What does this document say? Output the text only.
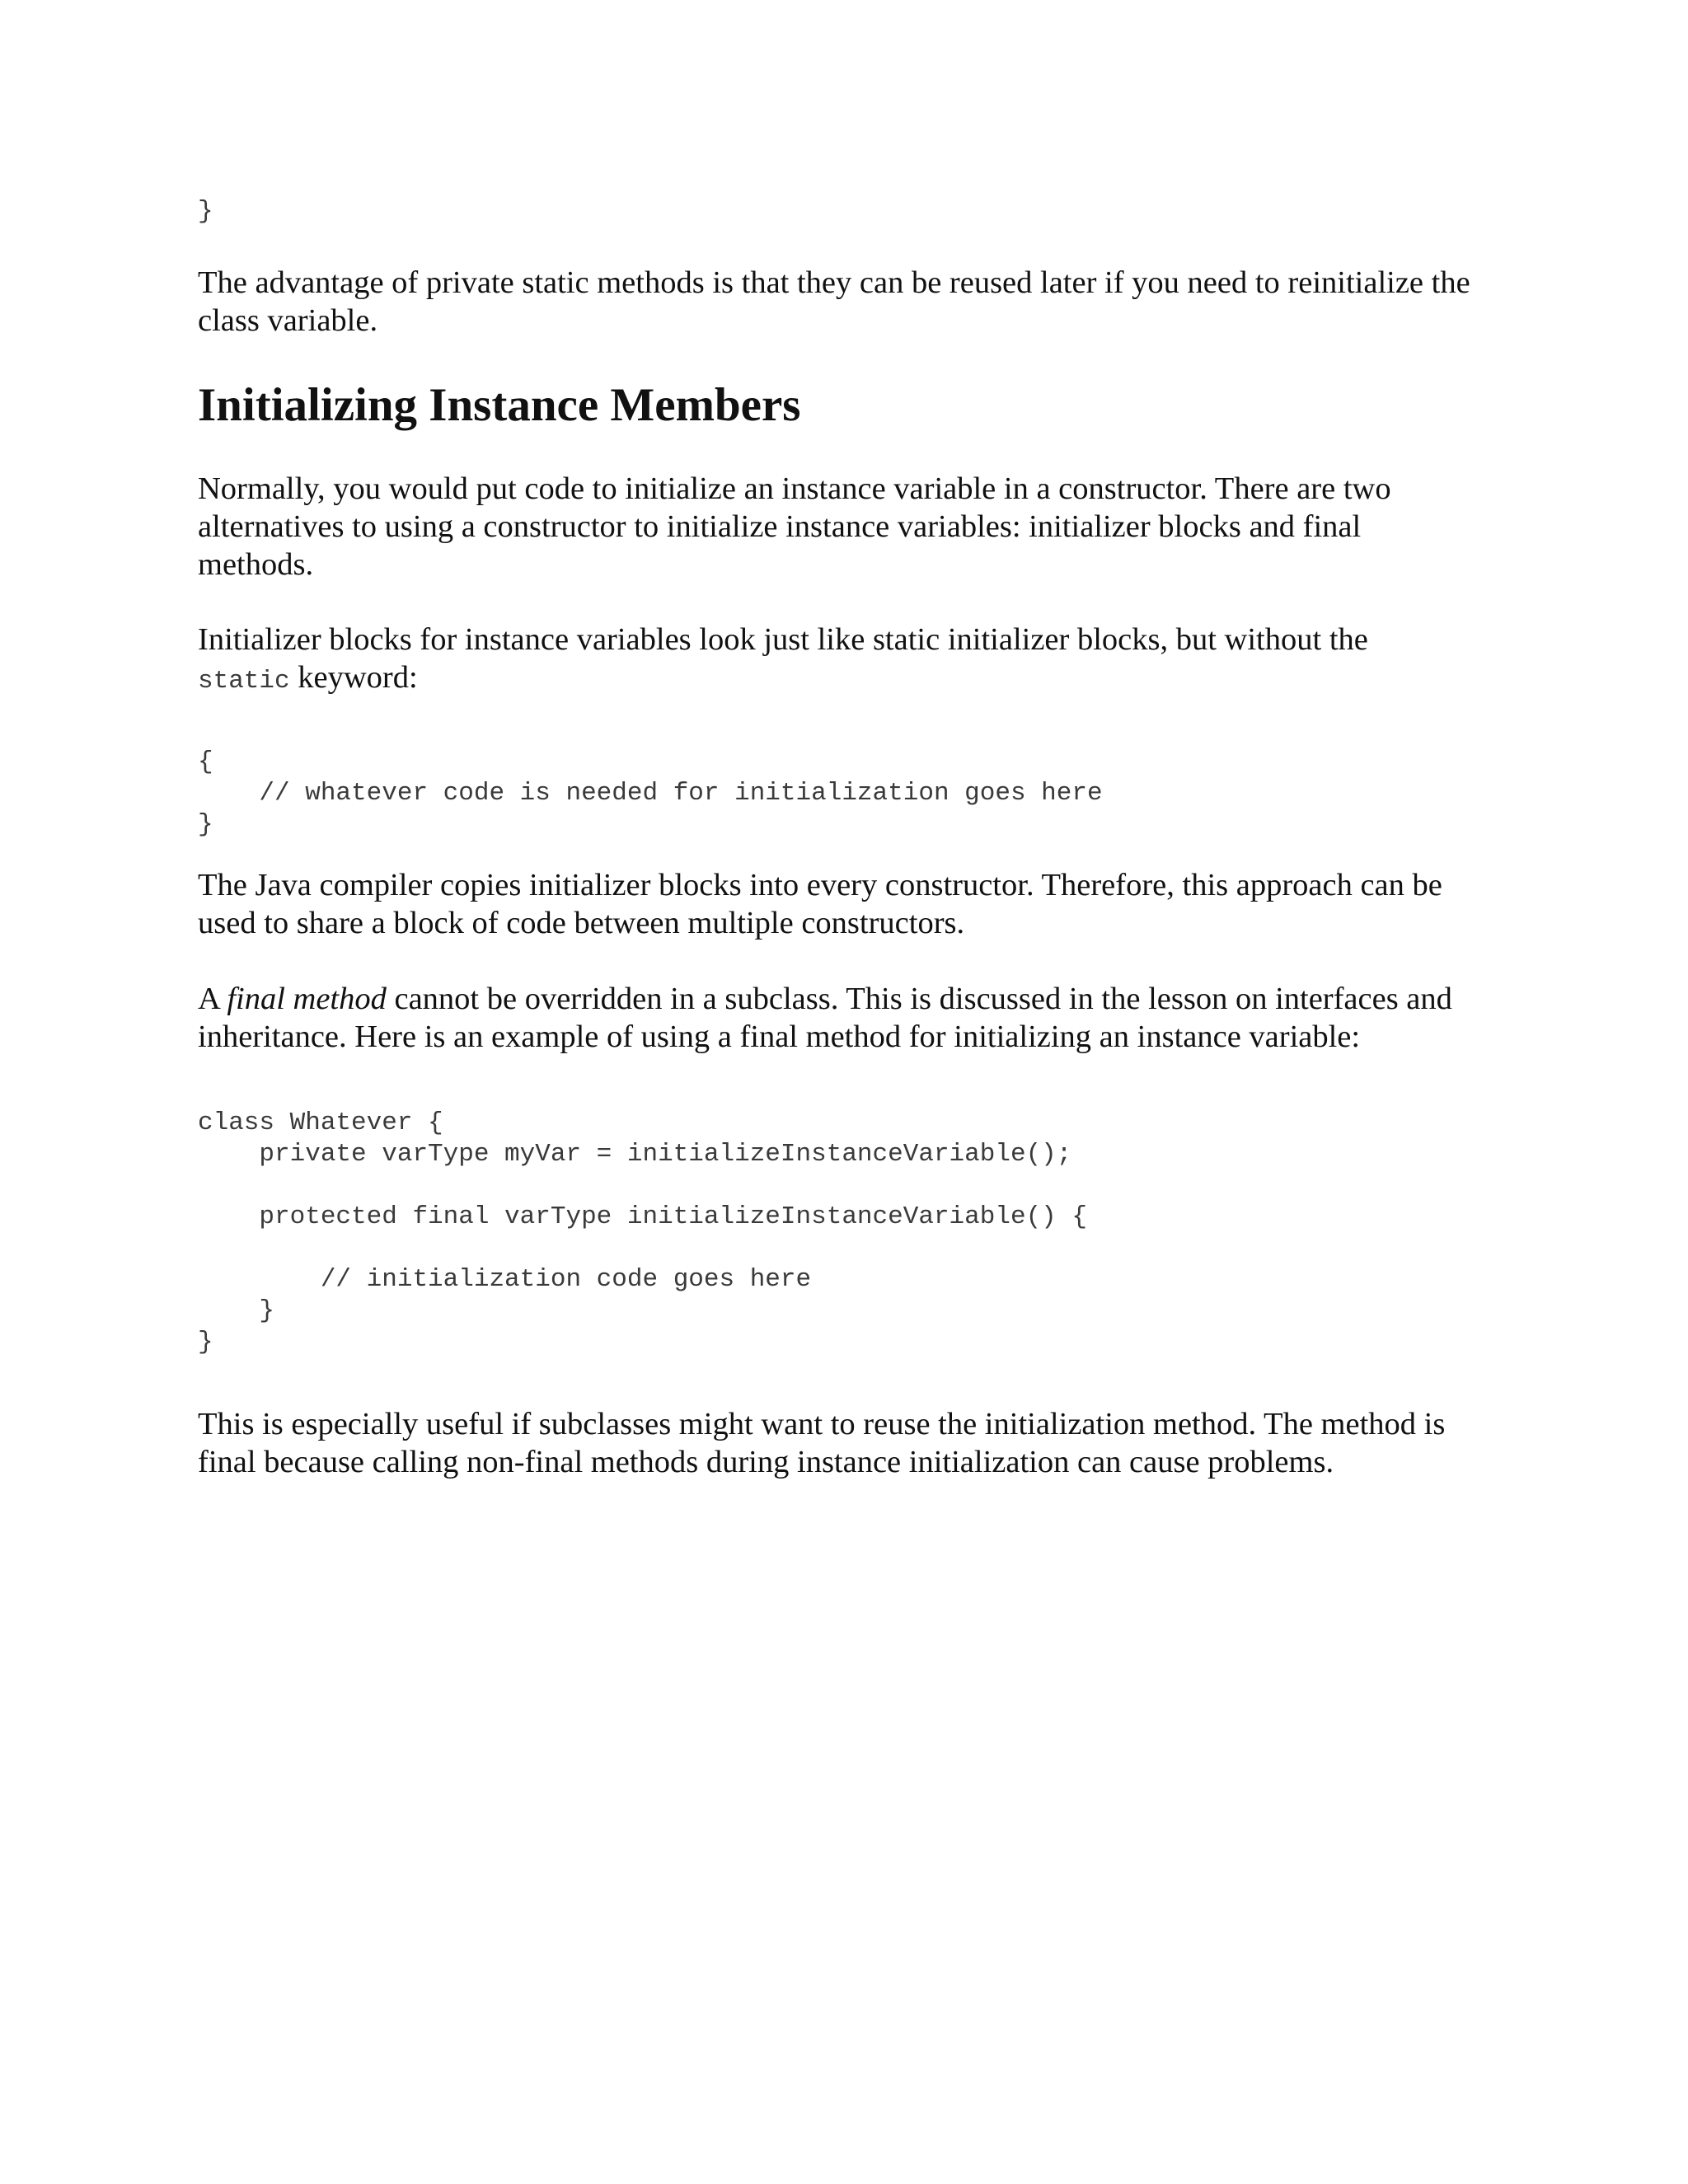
}

The advantage of private static methods is that they can be reused later if you need to reinitialize the class variable.

Initializing Instance Members

Normally, you would put code to initialize an instance variable in a constructor. There are two alternatives to using a constructor to initialize instance variables: initializer blocks and final methods.

Initializer blocks for instance variables look just like static initializer blocks, but without the
static keyword:

{
// whatever code is needed for initialization goes here
}

The Java compiler copies initializer blocks into every constructor. Therefore, this approach can be used to share a block of code between multiple constructors.

A final method cannot be overridden in a subclass. This is discussed in the lesson on interfaces and inheritance. Here is an example of using a final method for initializing an instance variable:

class Whatever {
private varType myVar = initializeInstanceVariable();

protected final varType initializeInstanceVariable() {

// initialization code goes here
}
}

This is especially useful if subclasses might want to reuse the initialization method. The method is final because calling non-final methods during instance initialization can cause problems.
